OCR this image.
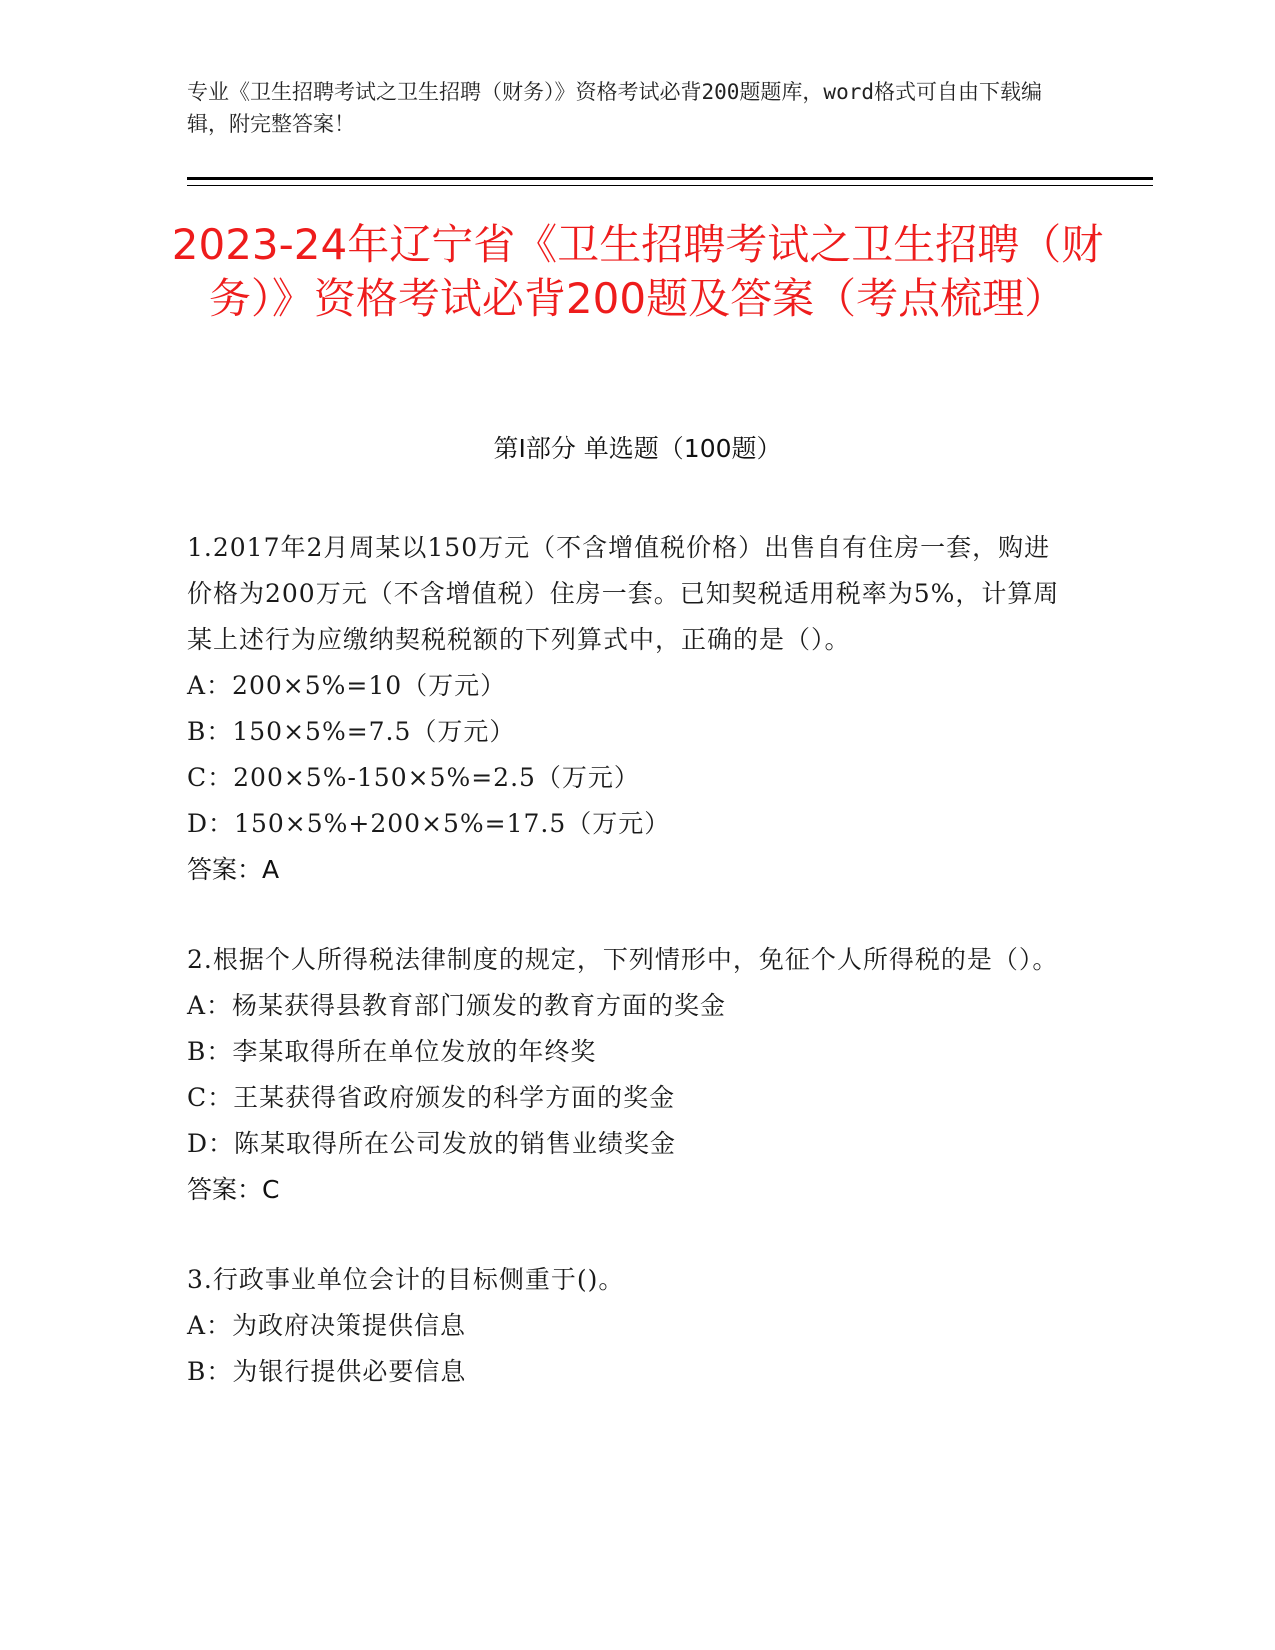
专业《卫生招聘考试之卫生招聘（财务）》资格考试必背200题题库，word格式可自由下载编辑，附完整答案！
2023-24年辽宁省《卫生招聘考试之卫生招聘（财务）》资格考试必背200题及答案（考点梳理）
第I部分 单选题（100题）
1.2017年2月周某以150万元（不含增值税价格）出售自有住房一套，购进价格为200万元（不含增值税）住房一套。已知契税适用税率为5%，计算周某上述行为应缴纳契税税额的下列算式中，正确的是（）。
A：200×5%=10（万元）
B：150×5%=7.5（万元）
C：200×5%-150×5%=2.5（万元）
D：150×5%+200×5%=17.5（万元）
答案：A
2.根据个人所得税法律制度的规定，下列情形中，免征个人所得税的是（）。
A：杨某获得县教育部门颁发的教育方面的奖金
B：李某取得所在单位发放的年终奖
C：王某获得省政府颁发的科学方面的奖金
D：陈某取得所在公司发放的销售业绩奖金
答案：C
3.行政事业单位会计的目标侧重于()。
A：为政府决策提供信息
B：为银行提供必要信息
